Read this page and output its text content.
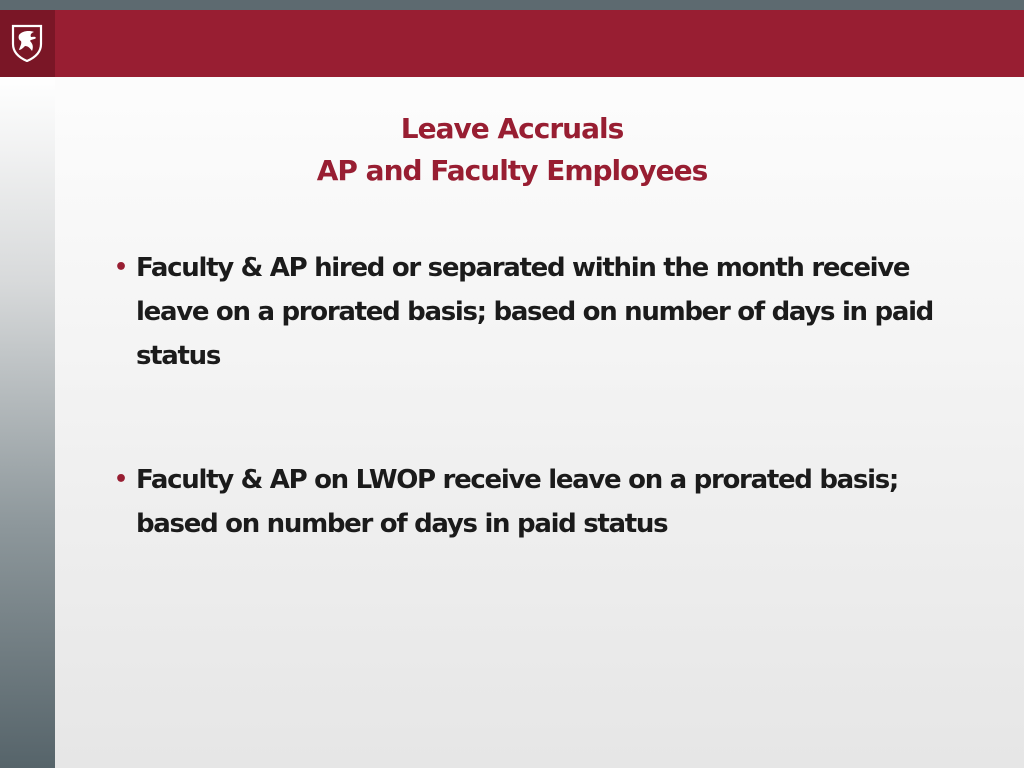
Leave Accruals
AP and Faculty Employees
• Faculty & AP hired or separated within the month receive leave on a prorated basis; based on number of days in paid status
• Faculty & AP on LWOP receive leave on a prorated basis; based on number of days in paid status
